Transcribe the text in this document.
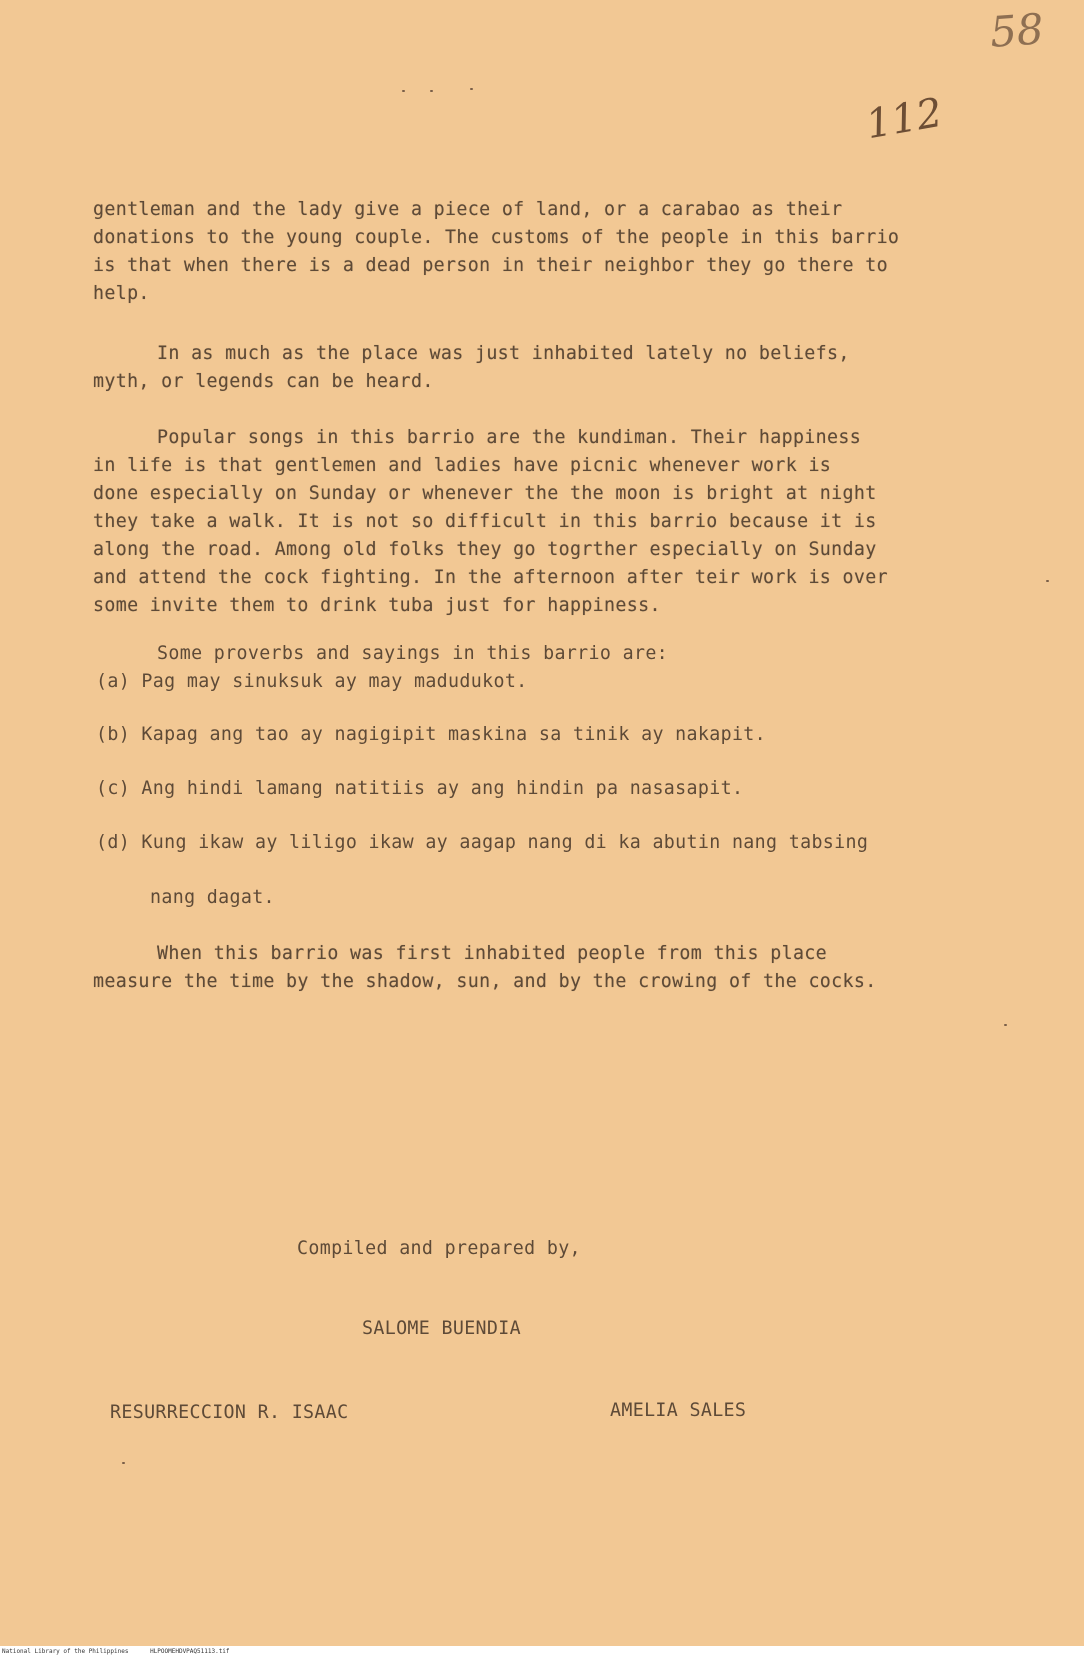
58
112

gentleman and the lady give a piece of land, or a carabao as their

donations to the young couple. The customs of the people in this barrio

is that when there is a dead person in their neighbor they go there to

help.

In as much as the place was just inhabited lately no beliefs,

myth, or legends can be heard.

Popular songs in this barrio are the kundiman. Their happiness

in life is that gentlemen and ladies have picnic whenever work is

done especially on Sunday or whenever the the moon is bright at night

they take a walk. It is not so difficult in this barrio because it is

along the road. Among old folks they go togrther especially on Sunday

and attend the cock fighting. In the afternoon after teir work is over

some invite them to drink tuba just for happiness.

Some proverbs and sayings in this barrio are:
(a) Pag may sinuksuk ay may madudukot.
(b) Kapag ang tao ay nagigipit maskina sa tinik ay nakapit.
(c) Ang hindi lamang natitiis ay ang hindin pa nasasapit.
(d) Kung ikaw ay liligo ikaw ay aagap nang di ka abutin nang tabsing
nang dagat.

When this barrio was first inhabited people from this place

measure the time by the shadow, sun, and by the crowing of the cocks.

Compiled and prepared by,
SALOME BUENDIA
RESURRECCION R. ISAAC	AMELIA SALES
National Library of the Philippines	HLPOOMEHDVPAQ51113.tif
